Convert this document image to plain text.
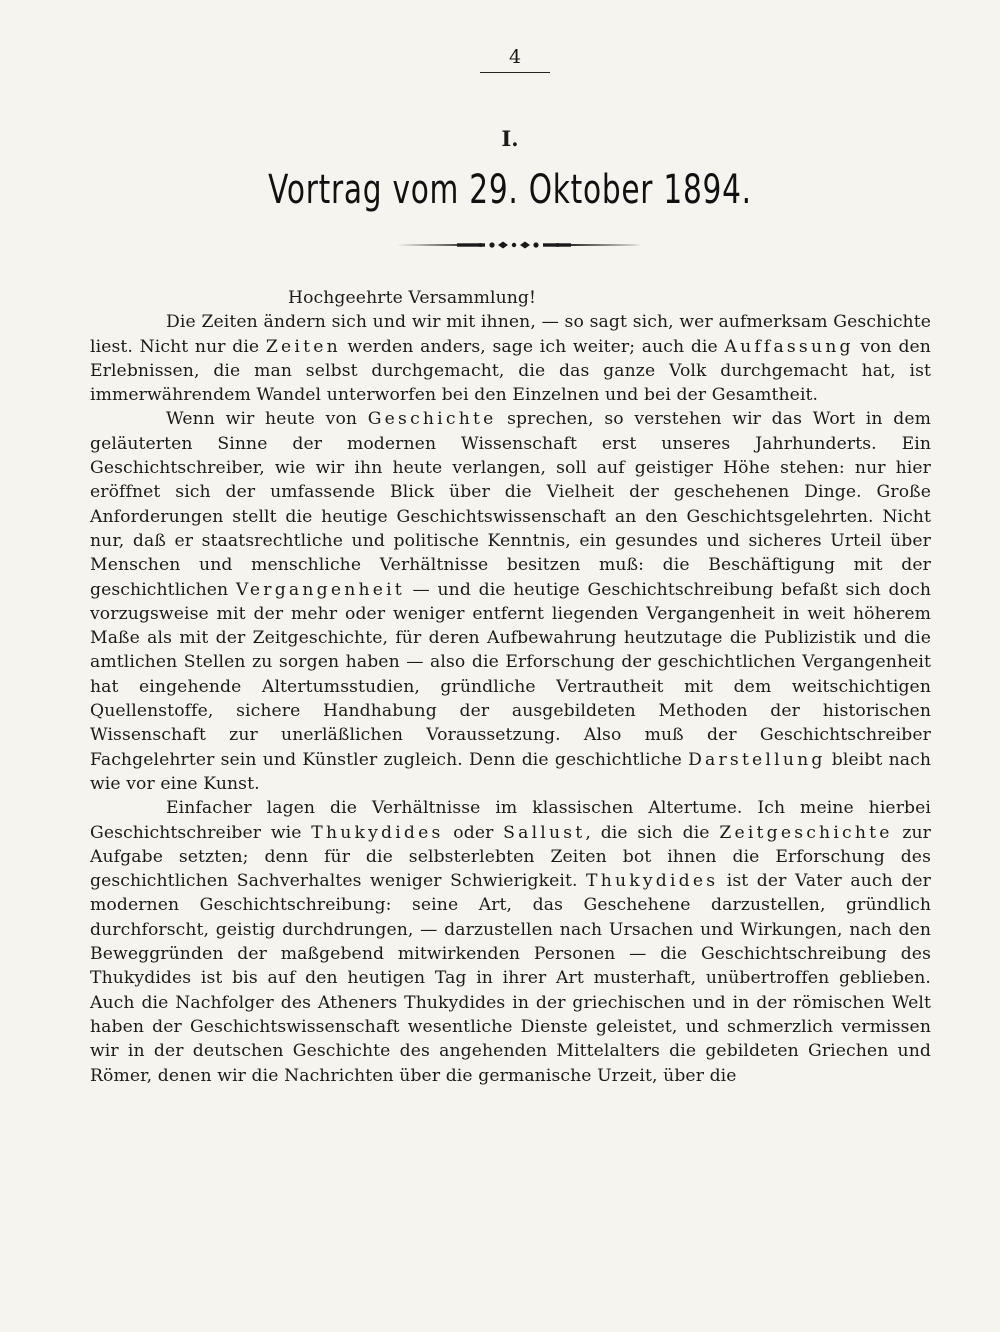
4
I.
Vortrag vom 29. Oktober 1894.

Hochgeehrte Versammlung!

Die Zeiten ändern sich und wir mit ihnen, — so sagt sich, wer aufmerksam Geschichte liest. Nicht nur die Zeiten werden anders, sage ich weiter; auch die Auffassung von den Erlebnissen, die man selbst durchgemacht, die das ganze Volk durchgemacht hat, ist immerwährendem Wandel unterworfen bei den Einzelnen und bei der Gesamtheit.

Wenn wir heute von Geschichte sprechen, so verstehen wir das Wort in dem geläuterten Sinne der modernen Wissenschaft erst unseres Jahrhunderts. Ein Geschichtschreiber, wie wir ihn heute verlangen, soll auf geistiger Höhe stehen: nur hier eröffnet sich der umfassende Blick über die Vielheit der geschehenen Dinge. Große Anforderungen stellt die heutige Geschichtswissenschaft an den Geschichtsgelehrten. Nicht nur, daß er staatsrechtliche und politische Kenntnis, ein gesundes und sicheres Urteil über Menschen und menschliche Verhältnisse besitzen muß: die Beschäftigung mit der geschichtlichen Vergangenheit — und die heutige Geschichtschreibung befaßt sich doch vorzugsweise mit der mehr oder weniger entfernt liegenden Vergangenheit in weit höherem Maße als mit der Zeitgeschichte, für deren Aufbewahrung heutzutage die Publizistik und die amtlichen Stellen zu sorgen haben — also die Erforschung der geschichtlichen Vergangenheit hat eingehende Altertumsstudien, gründliche Vertrautheit mit dem weitschichtigen Quellenstoffe, sichere Handhabung der ausgebildeten Methoden der historischen Wissenschaft zur unerläßlichen Voraussetzung. Also muß der Geschichtschreiber Fachgelehrter sein und Künstler zugleich. Denn die geschichtliche Darstellung bleibt nach wie vor eine Kunst.

Einfacher lagen die Verhältnisse im klassischen Altertume. Ich meine hierbei Geschichtschreiber wie Thukydides oder Sallust, die sich die Zeitgeschichte zur Aufgabe setzten; denn für die selbsterlebten Zeiten bot ihnen die Erforschung des geschichtlichen Sachverhaltes weniger Schwierigkeit. Thukydides ist der Vater auch der modernen Geschichtschreibung: seine Art, das Geschehene darzustellen, gründlich durchforscht, geistig durchdrungen, — darzustellen nach Ursachen und Wirkungen, nach den Beweggründen der maßgebend mitwirkenden Personen — die Geschichtschreibung des Thukydides ist bis auf den heutigen Tag in ihrer Art musterhaft, unübertroffen geblieben. Auch die Nachfolger des Atheners Thukydides in der griechischen und in der römischen Welt haben der Geschichtswissenschaft wesentliche Dienste geleistet, und schmerzlich vermissen wir in der deutschen Geschichte des angehenden Mittelalters die gebildeten Griechen und Römer, denen wir die Nachrichten über die germanische Urzeit, über die
